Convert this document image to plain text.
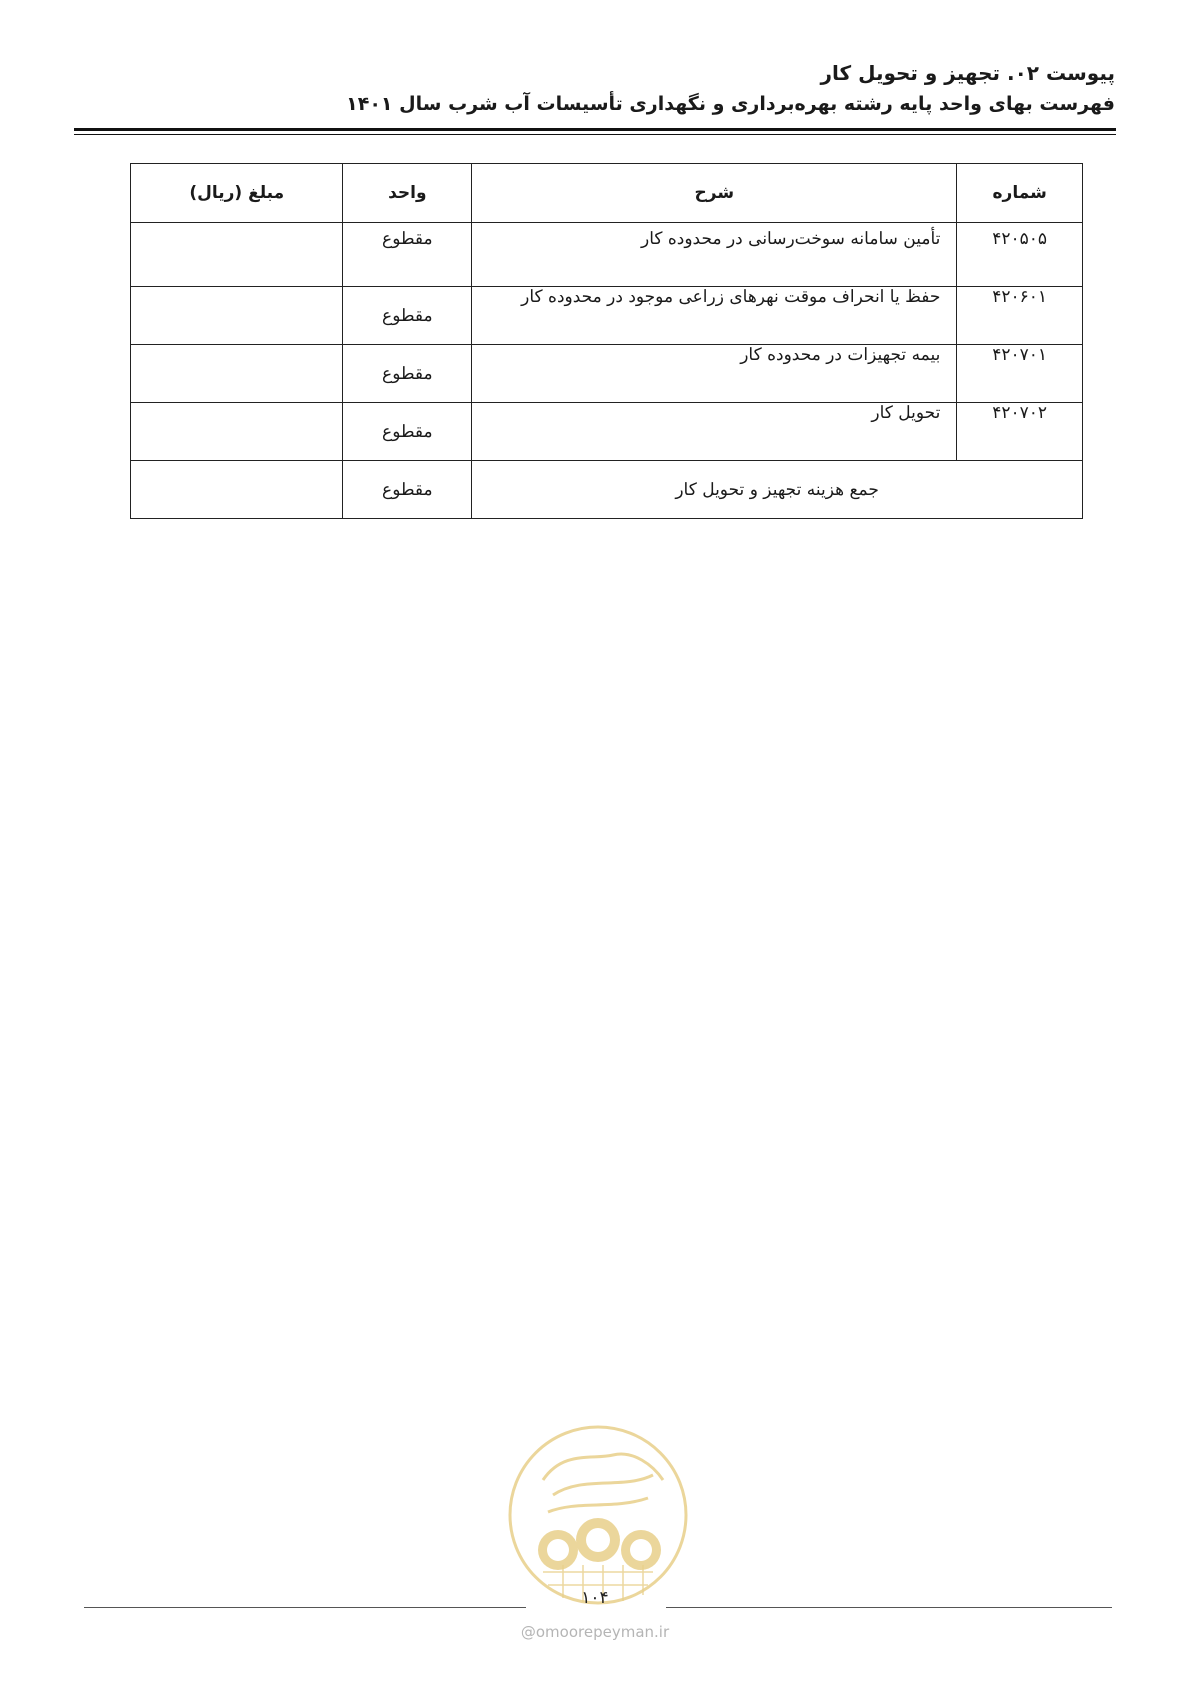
پیوست ۰۲. تجهیز و تحویل کار
فهرست بهای واحد پایه رشته بهره‌برداری و نگهداری تأسیسات آب شرب سال ۱۴۰۱
شماره	شرح	واحد	مبلغ (ریال)
۴۲۰۵۰۵	تأمین سامانه سوخت‌رسانی در محدوده کار	مقطوع	
۴۲۰۶۰۱	حفظ یا انحراف موقت نهرهای زراعی موجود در محدوده کار	مقطوع	
۴۲۰۷۰۱	بیمه تجهیزات در محدوده کار	مقطوع	
۴۲۰۷۰۲	تحویل کار	مقطوع	
جمع هزینه تجهیز و تحویل کار		مقطوع	
۱۰۴
@omoorepeyman.ir
